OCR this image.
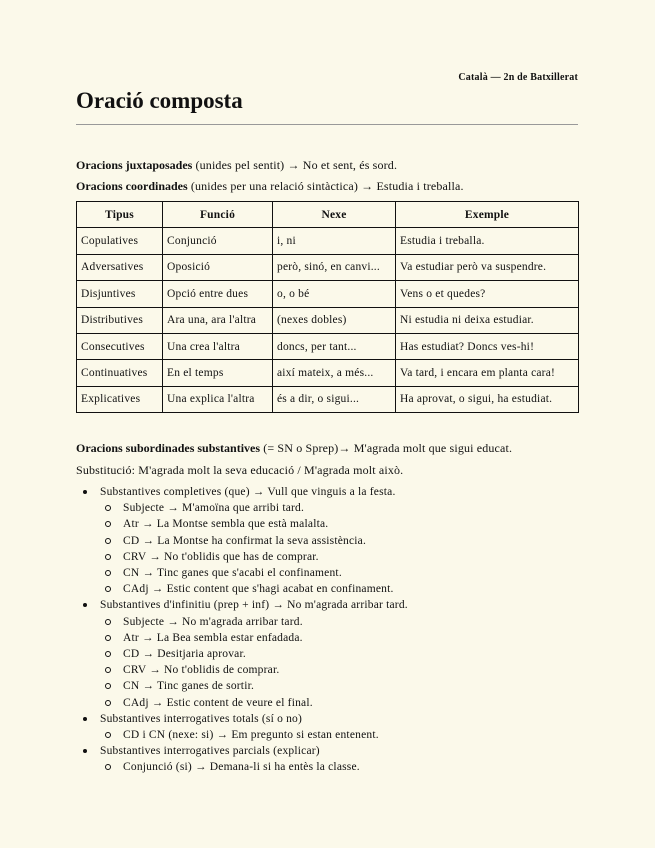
Català — 2n de Batxillerat
Oració composta
Oracions juxtaposades (unides pel sentit) → No et sent, és sord.
Oracions coordinades (unides per una relació sintàctica) → Estudia i treballa.
Tipus	Funció	Nexe	Exemple
Copulatives	Conjunció	i, ni	Estudia i treballa.
Adversatives	Oposició	però, sinó, en canvi...	Va estudiar però va suspendre.
Disjuntives	Opció entre dues	o, o bé	Vens o et quedes?
Distributives	Ara una, ara l'altra	(nexes dobles)	Ni estudia ni deixa estudiar.
Consecutives	Una crea l'altra	doncs, per tant...	Has estudiat? Doncs ves-hi!
Continuatives	En el temps	així mateix, a més...	Va tard, i encara em planta cara!
Explicatives	Una explica l'altra	és a dir, o sigui...	Ha aprovat, o sigui, ha estudiat.
Oracions subordinades substantives (= SN o Sprep)→ M'agrada molt que sigui educat.
Substitució: M'agrada molt la seva educació / M'agrada molt això.
Substantives completives (que) → Vull que vinguis a la festa.
Subjecte → M'amoïna que arribi tard.
Atr → La Montse sembla que està malalta.
CD → La Montse ha confirmat la seva assistència.
CRV → No t'oblidis que has de comprar.
CN → Tinc ganes que s'acabi el confinament.
CAdj → Estic content que s'hagi acabat en confinament.
Substantives d'infinitiu (prep + inf) → No m'agrada arribar tard.
Subjecte → No m'agrada arribar tard.
Atr → La Bea sembla estar enfadada.
CD → Desitjaria aprovar.
CRV → No t'oblidis de comprar.
CN → Tinc ganes de sortir.
CAdj → Estic content de veure el final.
Substantives interrogatives totals (sí o no)
CD i CN (nexe: si) → Em pregunto si estan entenent.
Substantives interrogatives parcials (explicar)
Conjunció (si) → Demana-li si ha entès la classe.
